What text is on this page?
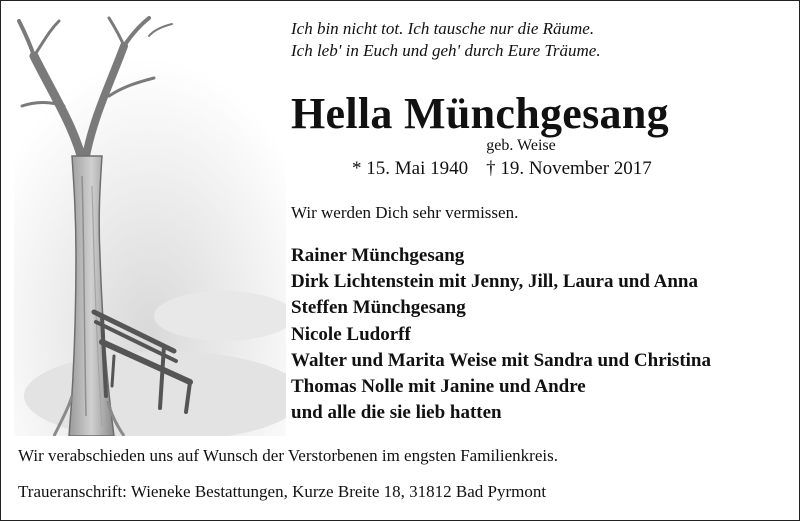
Ich bin nicht tot. Ich tausche nur die Räume.
Ich leb' in Euch und geh' durch Eure Träume.
Hella Münchgesang
geb. Weise
* 15. Mai 1940 † 19. November 2017
Wir werden Dich sehr vermissen.
Rainer Münchgesang
Dirk Lichtenstein mit Jenny, Jill, Laura und Anna
Steffen Münchgesang
Nicole Ludorff
Walter und Marita Weise mit Sandra und Christina
Thomas Nolle mit Janine und Andre
und alle die sie lieb hatten
Wir verabschieden uns auf Wunsch der Verstorbenen im engsten Familienkreis.
Traueranschrift: Wieneke Bestattungen, Kurze Breite 18, 31812 Bad Pyrmont
